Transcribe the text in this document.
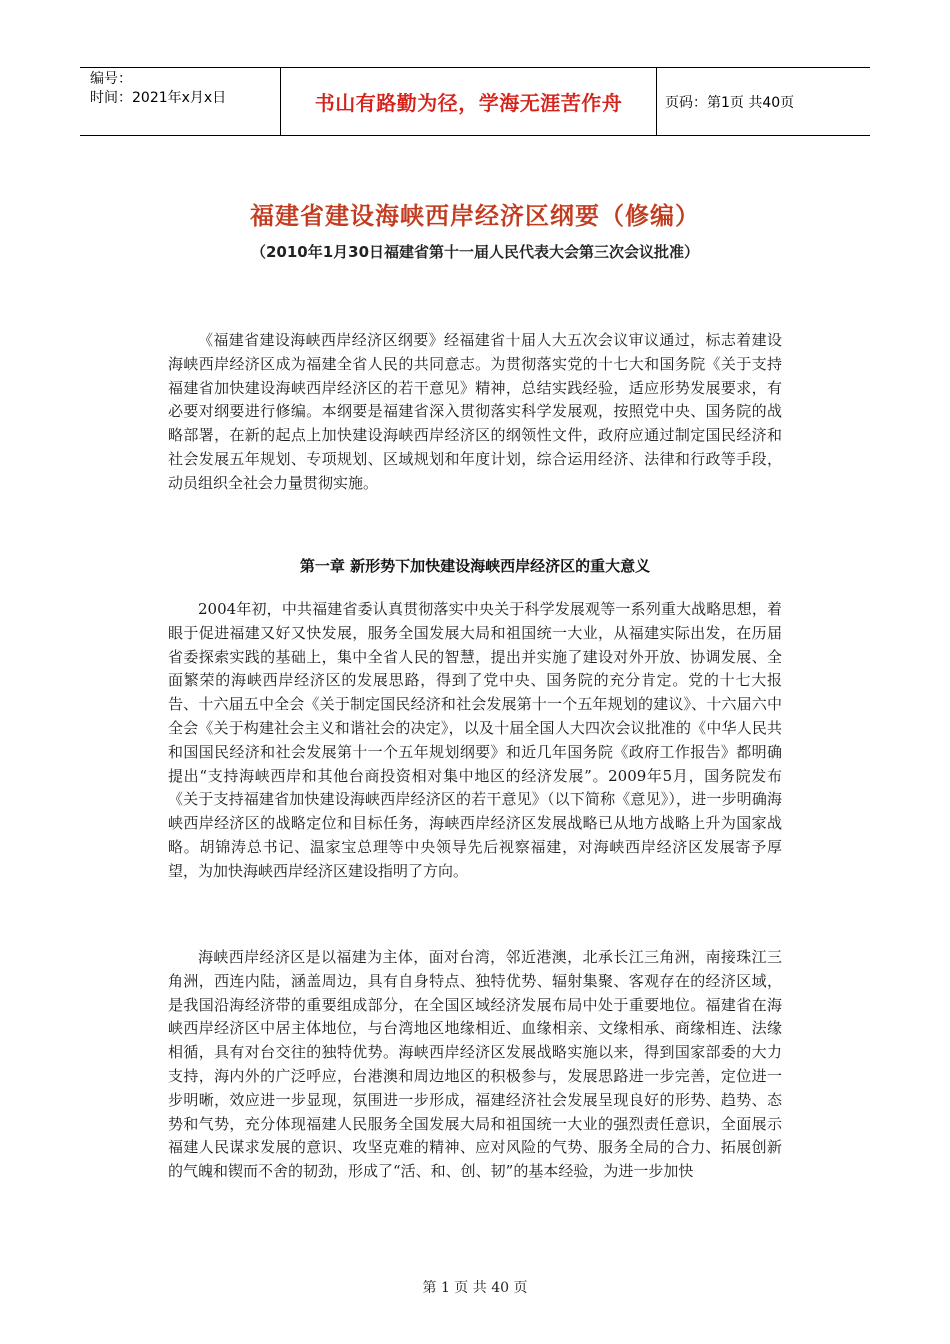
编号：
时间：2021年x月x日	书山有路勤为径，学海无涯苦作舟	页码：第1页 共40页
福建省建设海峡西岸经济区纲要（修编）
（2010年1月30日福建省第十一届人民代表大会第三次会议批准）
《福建省建设海峡西岸经济区纲要》经福建省十届人大五次会议审议通过，标志着建设海峡西岸经济区成为福建全省人民的共同意志。为贯彻落实党的十七大和国务院《关于支持福建省加快建设海峡西岸经济区的若干意见》精神，总结实践经验，适应形势发展要求，有必要对纲要进行修编。本纲要是福建省深入贯彻落实科学发展观，按照党中央、国务院的战略部署，在新的起点上加快建设海峡西岸经济区的纲领性文件，政府应通过制定国民经济和社会发展五年规划、专项规划、区域规划和年度计划，综合运用经济、法律和行政等手段，动员组织全社会力量贯彻实施。
第一章 新形势下加快建设海峡西岸经济区的重大意义
2004年初，中共福建省委认真贯彻落实中央关于科学发展观等一系列重大战略思想，着眼于促进福建又好又快发展，服务全国发展大局和祖国统一大业，从福建实际出发，在历届省委探索实践的基础上，集中全省人民的智慧，提出并实施了建设对外开放、协调发展、全面繁荣的海峡西岸经济区的发展思路，得到了党中央、国务院的充分肯定。党的十七大报告、十六届五中全会《关于制定国民经济和社会发展第十一个五年规划的建议》、十六届六中全会《关于构建社会主义和谐社会的决定》，以及十届全国人大四次会议批准的《中华人民共和国国民经济和社会发展第十一个五年规划纲要》和近几年国务院《政府工作报告》都明确提出“支持海峡西岸和其他台商投资相对集中地区的经济发展”。2009年5月，国务院发布《关于支持福建省加快建设海峡西岸经济区的若干意见》（以下简称《意见》），进一步明确海峡西岸经济区的战略定位和目标任务，海峡西岸经济区发展战略已从地方战略上升为国家战略。胡锦涛总书记、温家宝总理等中央领导先后视察福建，对海峡西岸经济区发展寄予厚望，为加快海峡西岸经济区建设指明了方向。
海峡西岸经济区是以福建为主体，面对台湾，邻近港澳，北承长江三角洲，南接珠江三角洲，西连内陆，涵盖周边，具有自身特点、独特优势、辐射集聚、客观存在的经济区域，是我国沿海经济带的重要组成部分，在全国区域经济发展布局中处于重要地位。福建省在海峡西岸经济区中居主体地位，与台湾地区地缘相近、血缘相亲、文缘相承、商缘相连、法缘相循，具有对台交往的独特优势。海峡西岸经济区发展战略实施以来，得到国家部委的大力支持，海内外的广泛呼应，台港澳和周边地区的积极参与，发展思路进一步完善，定位进一步明晰，效应进一步显现，氛围进一步形成，福建经济社会发展呈现良好的形势、趋势、态势和气势，充分体现福建人民服务全国发展大局和祖国统一大业的强烈责任意识，全面展示福建人民谋求发展的意识、攻坚克难的精神、应对风险的气势、服务全局的合力、拓展创新的气魄和锲而不舍的韧劲，形成了“活、和、创、韧”的基本经验，为进一步加快
第 1 页 共 40 页
